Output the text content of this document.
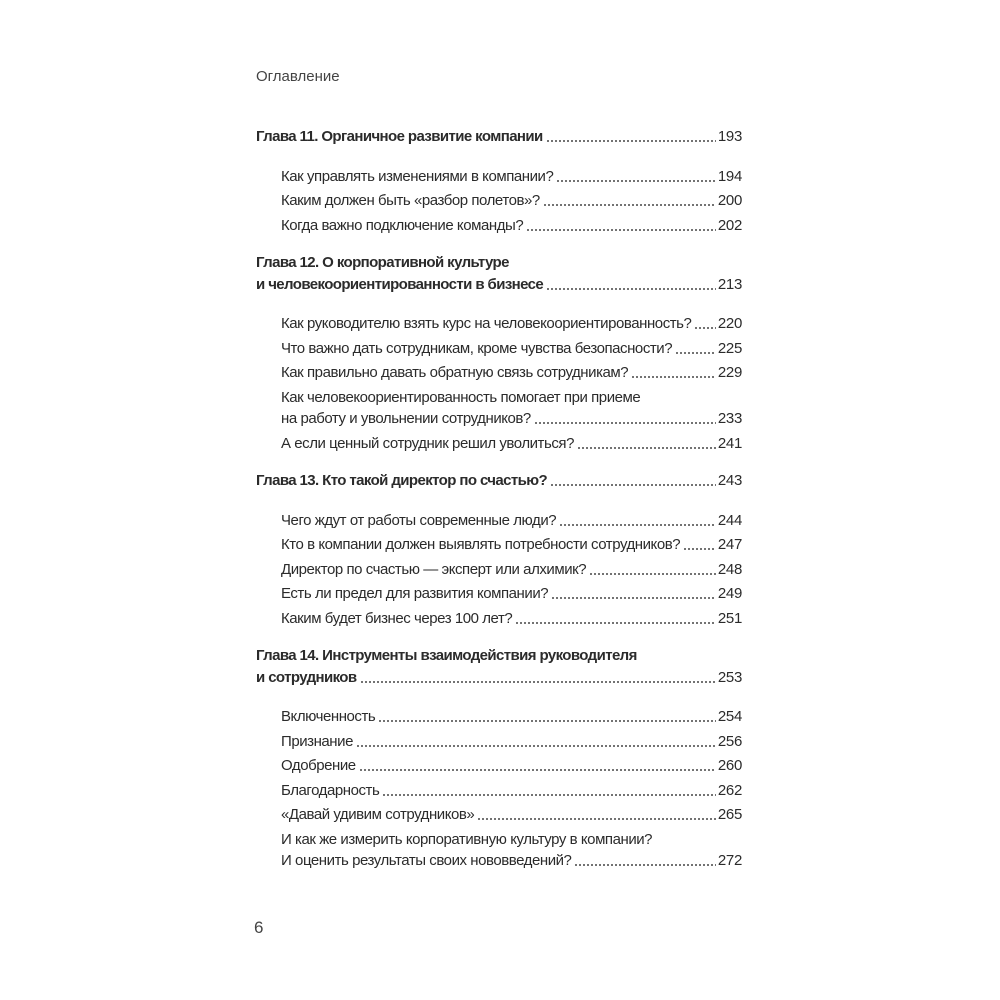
Оглавление
Глава 11. Органичное развитие компании	193
Как управлять изменениями в компании?	194
Каким должен быть «разбор полетов»?	200
Когда важно подключение команды?	202
Глава 12. О корпоративной культуре
и человекоориентированности в бизнесе	213
Как руководителю взять курс на человекоориентированность? 220
Что важно дать сотрудникам, кроме чувства безопасности?	225
Как правильно давать обратную связь сотрудникам?	229
Как человекоориентированность помогает при приеме
на работу и увольнении сотрудников?	233
А если ценный сотрудник решил уволиться?	241
Глава 13. Кто такой директор по счастью?	243
Чего ждут от работы современные люди?	244
Кто в компании должен выявлять потребности сотрудников?	247
Директор по счастью — эксперт или алхимик?	248
Есть ли предел для развития компании?	249
Каким будет бизнес через 100 лет?	251
Глава 14. Инструменты взаимодействия руководителя
и сотрудников	253
Включенность	254
Признание	256
Одобрение	260
Благодарность	262
«Давай удивим сотрудников»	265
И как же измерить корпоративную культуру в компании?
И оценить результаты своих нововведений?	272
6
